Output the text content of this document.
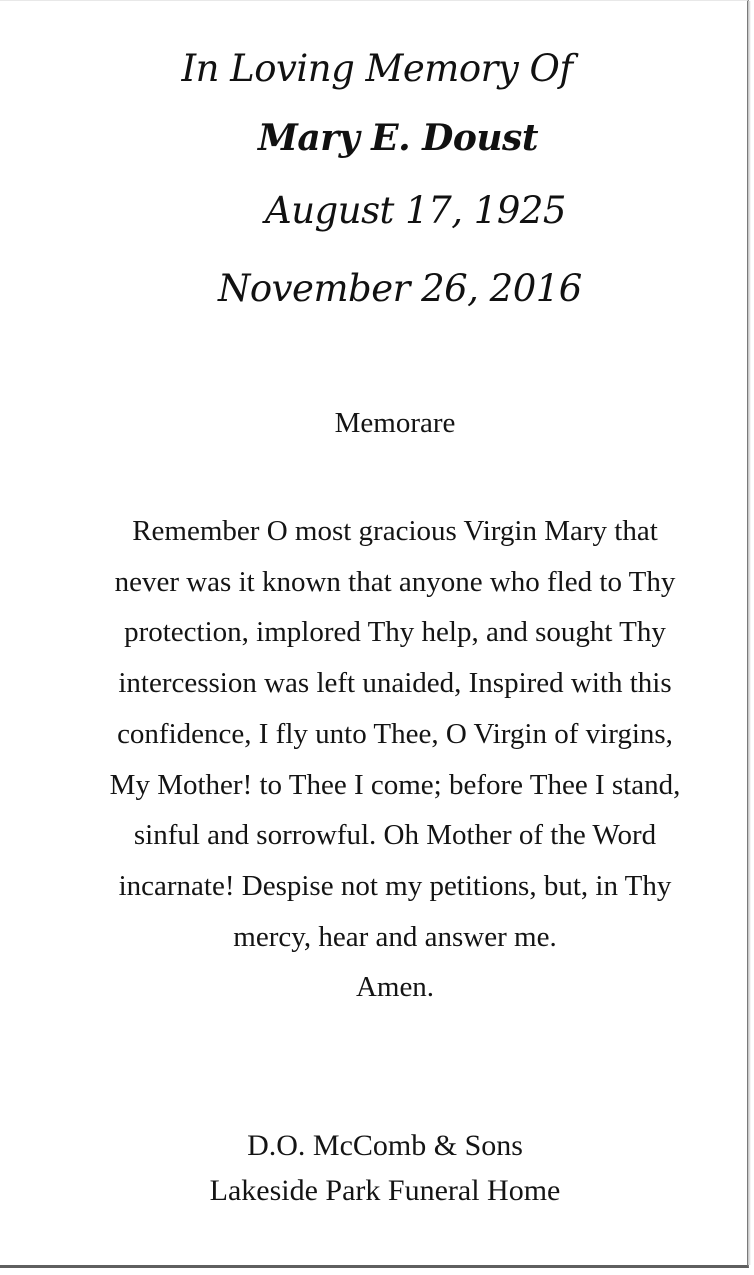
In Loving Memory Of
Mary E. Doust
August 17, 1925
November 26, 2016
Memorare

Remember O most gracious Virgin Mary that
never was it known that anyone who fled to Thy
protection, implored Thy help, and sought Thy
intercession was left unaided, Inspired with this
confidence, I fly unto Thee, O Virgin of virgins,
My Mother! to Thee I come; before Thee I stand,
sinful and sorrowful. Oh Mother of the Word
incarnate! Despise not my petitions, but, in Thy
mercy, hear and answer me.
Amen.

D.O. McComb & Sons
Lakeside Park Funeral Home
